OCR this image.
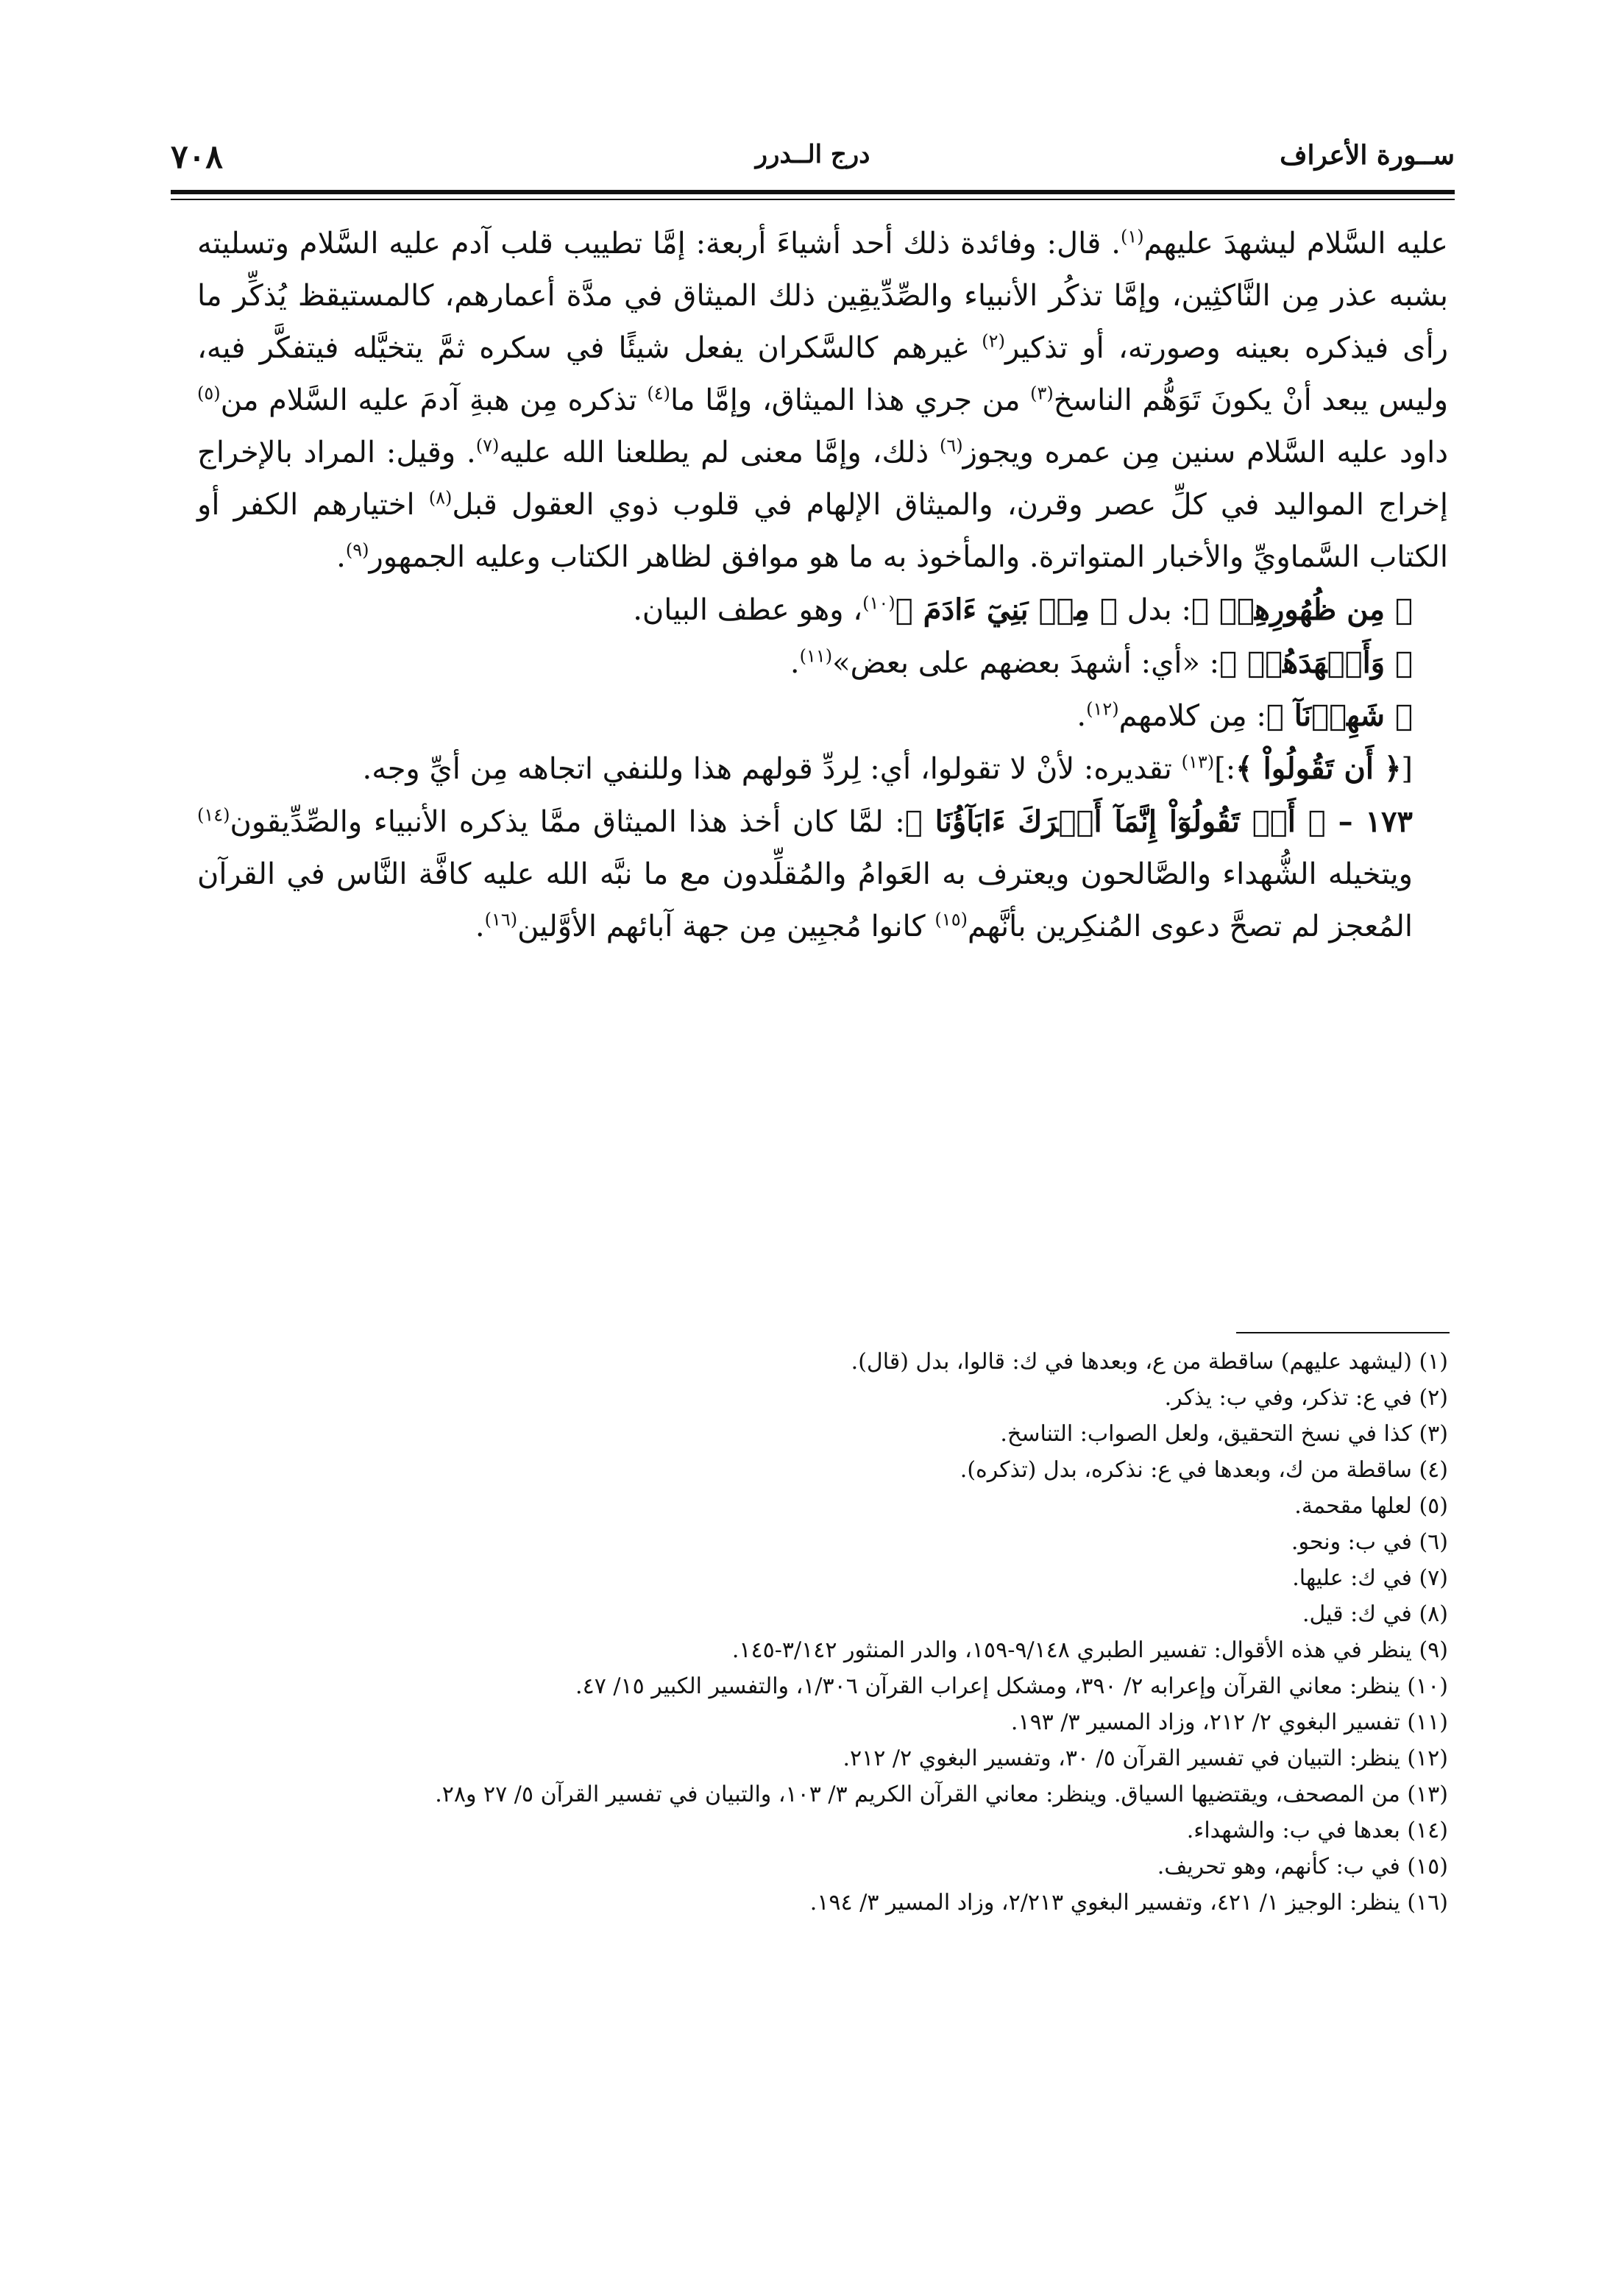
٧٠٨	درج الــدرر	ســورة الأعراف

عليه السَّلام ليشهدَ عليهم$^{(١)}$. قال: وفائدة ذلك أحد أشياءَ أربعة: إمَّا تطييب قلب آدم عليه السَّلام وتسليته بشبه عذر مِن النَّاكثِين، وإمَّا تذكُر الأنبياء والصِّدِّيقِين ذلك الميثاق في مدَّة أعمارهم، كالمستيقظ يُذكِّر ما رأى فيذكره بعينه وصورته، أو تذكير$^{(٢)}$ غيرهم كالسَّكران يفعل شيئًا في سكره ثمَّ يتخيَّله فيتفكَّر فيه، وليس يبعد أنْ يكونَ تَوَهُّم الناسخ$^{(٣)}$ من جري هذا الميثاق، وإمَّا ما$^{(٤)}$ تذكره مِن هبةِ آدمَ عليه السَّلام من$^{(٥)}$ داود عليه السَّلام سنين مِن عمره ويجوز$^{(٦)}$ ذلك، وإمَّا معنى لم يطلعنا الله عليه$^{(٧)}$. وقيل: المراد بالإخراج إخراج المواليد في كلِّ عصر وقرن، والميثاق الإلهام في قلوب ذوي العقول قبل$^{(٨)}$ اختيارهم الكفر أو الكتاب السَّماويِّ والأخبار المتواترة. والمأخوذ به ما هو موافق لظاهر الكتاب وعليه الجمهور$^{(٩)}$.

﴿ مِن ظُهُورِهِمۡ ﴾: بدل ﴿ مِنۢ بَنِيٓ ءَادَمَ ﴾$^{(١٠)}$، وهو عطف البيان.

﴿ وَأَشۡهَدَهُمۡ ﴾: «أي: أشهدَ بعضهم على بعض»$^{(١١)}$.

﴿ شَهِدۡنَآ ﴾: مِن كلامهم$^{(١٢)}$.

[﴿ أَن تَقُولُواْ ﴾:]$^{(١٣)}$ تقديره: لأنْ لا تقولوا، أي: لِردِّ قولهم هذا وللنفي اتجاهه مِن أيِّ وجه.

١٧٣ – ﴿ أَوۡ تَقُولُوٓاْ إِنَّمَآ أَشۡرَكَ ءَابَآؤُنَا ﴾: لمَّا كان أخذ هذا الميثاق ممَّا يذكره الأنبياء والصِّدِّيقون$^{(١٤)}$ ويتخيله الشُّهداء والصَّالحون ويعترف به العَوامُ والمُقلِّدون مع ما نبَّه الله عليه كافَّة النَّاس في القرآن المُعجز لم تصحَّ دعوى المُنكِرين بأنَّهم$^{(١٥)}$ كانوا مُجبِين مِن جهة آبائهم الأوَّلين$^{(١٦)}$.

(١) (ليشهد عليهم) ساقطة من ع، وبعدها في ك: قالوا، بدل (قال).
(٢) في ع: تذكر، وفي ب: يذكر.
(٣) كذا في نسخ التحقيق، ولعل الصواب: التناسخ.
(٤) ساقطة من ك، وبعدها في ع: نذكره، بدل (تذكره).
(٥) لعلها مقحمة.
(٦) في ب: ونحو.
(٧) في ك: عليها.
(٨) في ك: قيل.
(٩) ينظر في هذه الأقوال: تفسير الطبري ٩/١٤٨-١٥٩، والدر المنثور ٣/١٤٢-١٤٥.
(١٠) ينظر: معاني القرآن وإعرابه ٢/ ٣٩٠، ومشكل إعراب القرآن ١/٣٠٦، والتفسير الكبير ١٥/ ٤٧.
(١١) تفسير البغوي ٢/ ٢١٢، وزاد المسير ٣/ ١٩٣.
(١٢) ينظر: التبيان في تفسير القرآن ٥/ ٣٠، وتفسير البغوي ٢/ ٢١٢.
(١٣) من المصحف، ويقتضيها السياق. وينظر: معاني القرآن الكريم ٣/ ١٠٣، والتبيان في تفسير القرآن ٥/ ٢٧ و٢٨.
(١٤) بعدها في ب: والشهداء.
(١٥) في ب: كأنهم، وهو تحريف.
(١٦) ينظر: الوجيز ١/ ٤٢١، وتفسير البغوي ٢/٢١٣، وزاد المسير ٣/ ١٩٤.
